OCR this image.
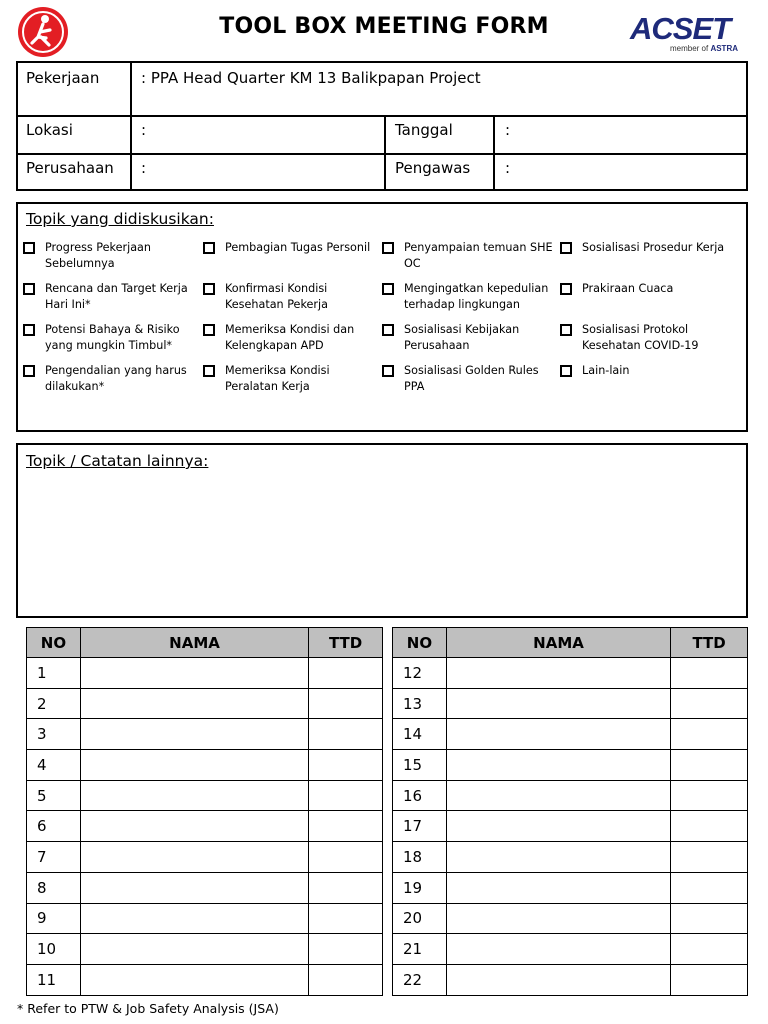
TOOL BOX MEETING FORM	ACSET
member of ASTRA
Pekerjaan	: PPA Head Quarter KM 13 Balikpapan Project
Lokasi	:	Tanggal	:
Perusahaan :	Pengawas :
Topik yang didiskusikan:
Progress Pekerjaan Sebelumnya
Pembagian Tugas Personil	Penyampaian temuan SHE OC
Sosialisasi Prosedur Kerja
Rencana dan Target Kerja Hari Ini*
Konfirmasi Kondisi Kesehatan Pekerja
Mengingatkan kepedulian terhadap lingkungan
Prakiraan Cuaca
Potensi Bahaya & Risiko yang mungkin Timbul*
Memeriksa Kondisi dan Kelengkapan APD
Sosialisasi Kebijakan Perusahaan
Sosialisasi Protokol Kesehatan COVID-19
Pengendalian yang harus dilakukan*
Memeriksa Kondisi Peralatan Kerja
Sosialisasi Golden Rules PPA
Lain-lain
Topik / Catatan lainnya:
NO	NAMA	TTD
1		
2		
3		
4		
5		
6		
7		
8		
9		
10		
11		
NO	NAMA	TTD
12		
13		
14		
15		
16		
17		
18		
19		
20		
21		
22		
* Refer to PTW & Job Safety Analysis (JSA)
